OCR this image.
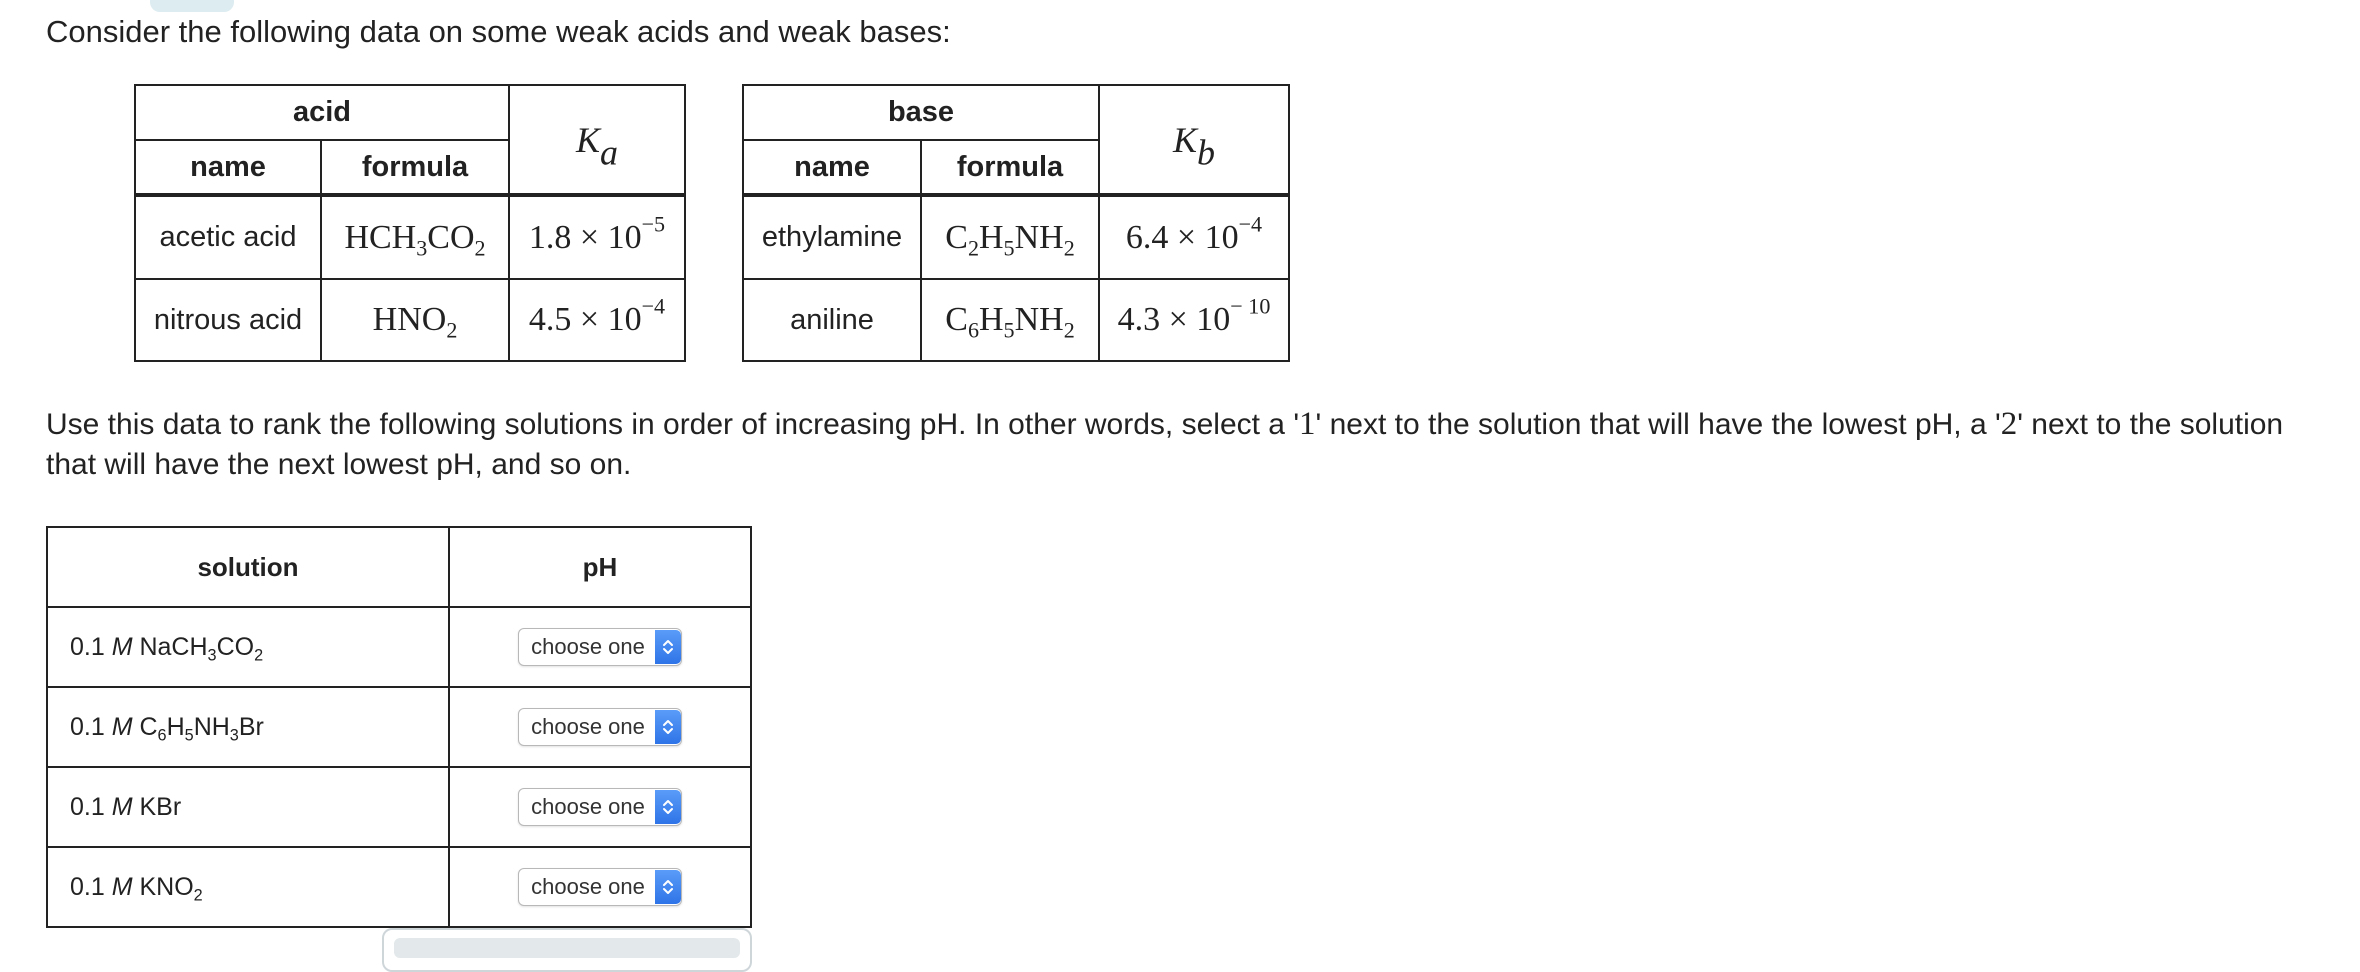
Consider the following data on some weak acids and weak bases:

acid		$K_a$
name	formula	
acetic acid	$HCH_3CO_2$	$1.8 \times 10^{-5}$
nitrous acid	$HNO_2$	$4.5 \times 10^{-4}$
base		$K_b$
name	formula	
ethylamine	$C_2H_5NH_2$	$6.4 \times 10^{-4}$
aniline	$C_6H_5NH_2$	$4.3 \times 10^{- 10}$

Use this data to rank the following solutions in order of increasing pH. In other words, select a '1' next to the solution that will have the lowest pH, a '2' next to the solution that will have the next lowest pH, and so on.

solution	pH
0.1 M $NaCH_3CO_2$	choose one

0.1 M $C_6H_5NH_3Br$	choose one

0.1 M KBr	choose one

0.1 M $KNO_2$	choose one
